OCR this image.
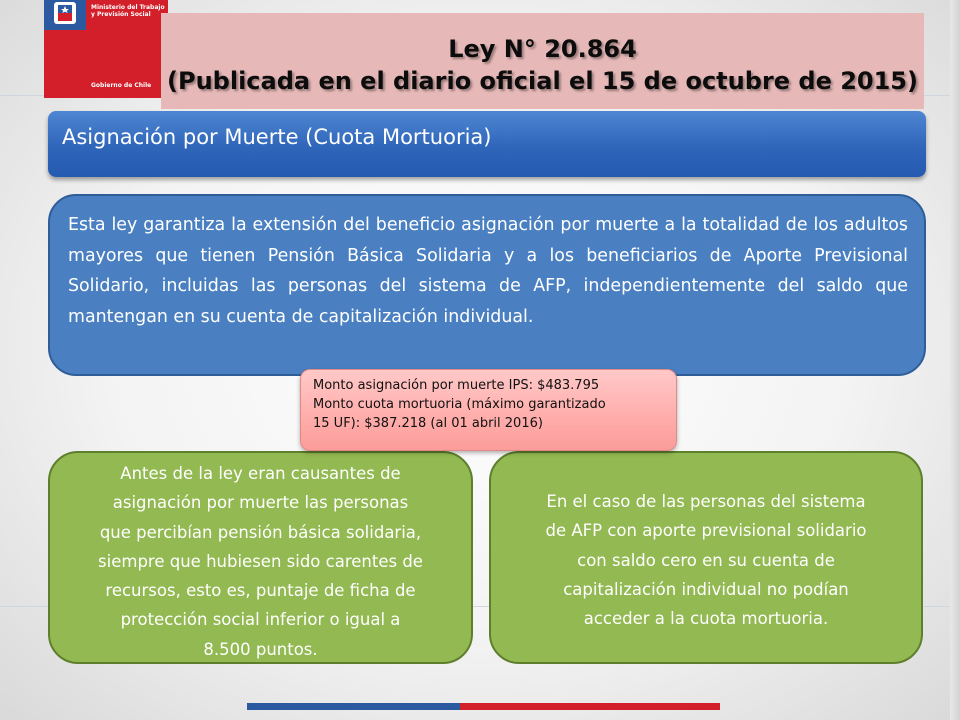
Ministerio del Trabajo
y Previsión Social
Gobierno de Chile
Ley N° 20.864
(Publicada en el diario oficial el 15 de octubre de 2015)
Asignación por Muerte (Cuota Mortuoria)

Esta ley garantiza la extensión del beneficio asignación por muerte a la totalidad de los adultos mayores que tienen Pensión Básica Solidaria y a los beneficiarios de Aporte Previsional Solidario, incluidas las personas del sistema de AFP, independientemente del saldo que mantengan en su cuenta de capitalización individual.

Antes de la ley eran causantes de
asignación por muerte las personas
que percibían pensión básica solidaria,
siempre que hubiesen sido carentes de
recursos, esto es, puntaje de ficha de
protección social inferior o igual a
8.500 puntos.
En el caso de las personas del sistema
de AFP con aporte previsional solidario
con saldo cero en su cuenta de
capitalización individual no podían
acceder a la cuota mortuoria.
Monto asignación por muerte IPS: $483.795
Monto cuota mortuoria (máximo garantizado
15 UF): $387.218 (al 01 abril 2016)
